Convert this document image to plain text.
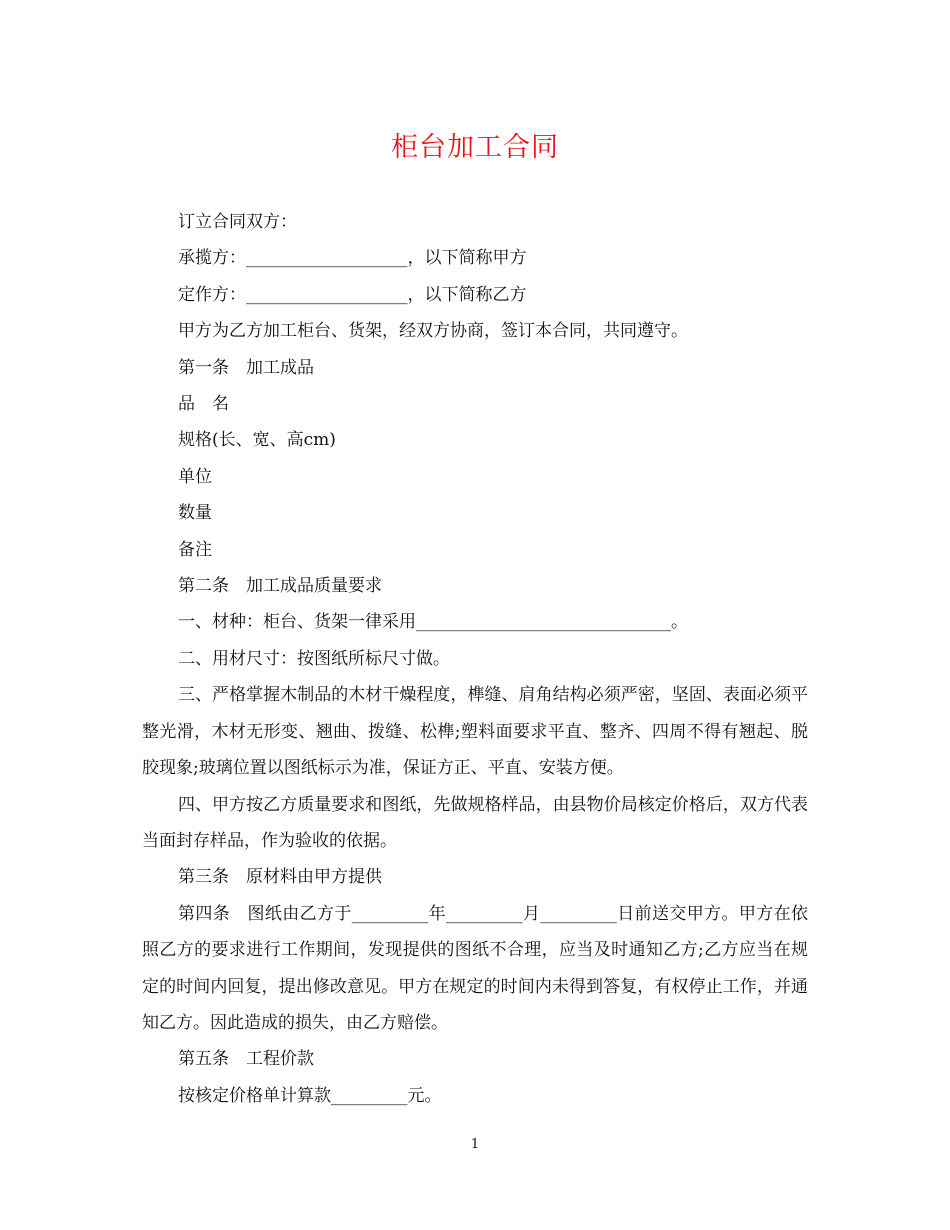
柜台加工合同

订立合同双方：

承揽方：___________________，以下简称甲方

定作方：___________________，以下简称乙方

甲方为乙方加工柜台、货架，经双方协商，签订本合同，共同遵守。

第一条　加工成品

品　名

规格(长、宽、高cm)

单位

数量

备注

第二条　加工成品质量要求

一、材种：柜台、货架一律采用______________________________。

二、用材尺寸：按图纸所标尺寸做。

三、严格掌握木制品的木材干燥程度，榫缝、肩角结构必须严密，坚固、表面必须平整光滑，木材无形变、翘曲、拨缝、松榫;塑料面要求平直、整齐、四周不得有翘起、脱胶现象;玻璃位置以图纸标示为准，保证方正、平直、安装方便。

四、甲方按乙方质量要求和图纸，先做规格样品，由县物价局核定价格后，双方代表当面封存样品，作为验收的依据。

第三条　原材料由甲方提供

第四条　图纸由乙方于_________年_________月_________日前送交甲方。甲方在依照乙方的要求进行工作期间，发现提供的图纸不合理，应当及时通知乙方;乙方应当在规定的时间内回复，提出修改意见。甲方在规定的时间内未得到答复，有权停止工作，并通知乙方。因此造成的损失，由乙方赔偿。

第五条　工程价款

按核定价格单计算款_________元。

1
